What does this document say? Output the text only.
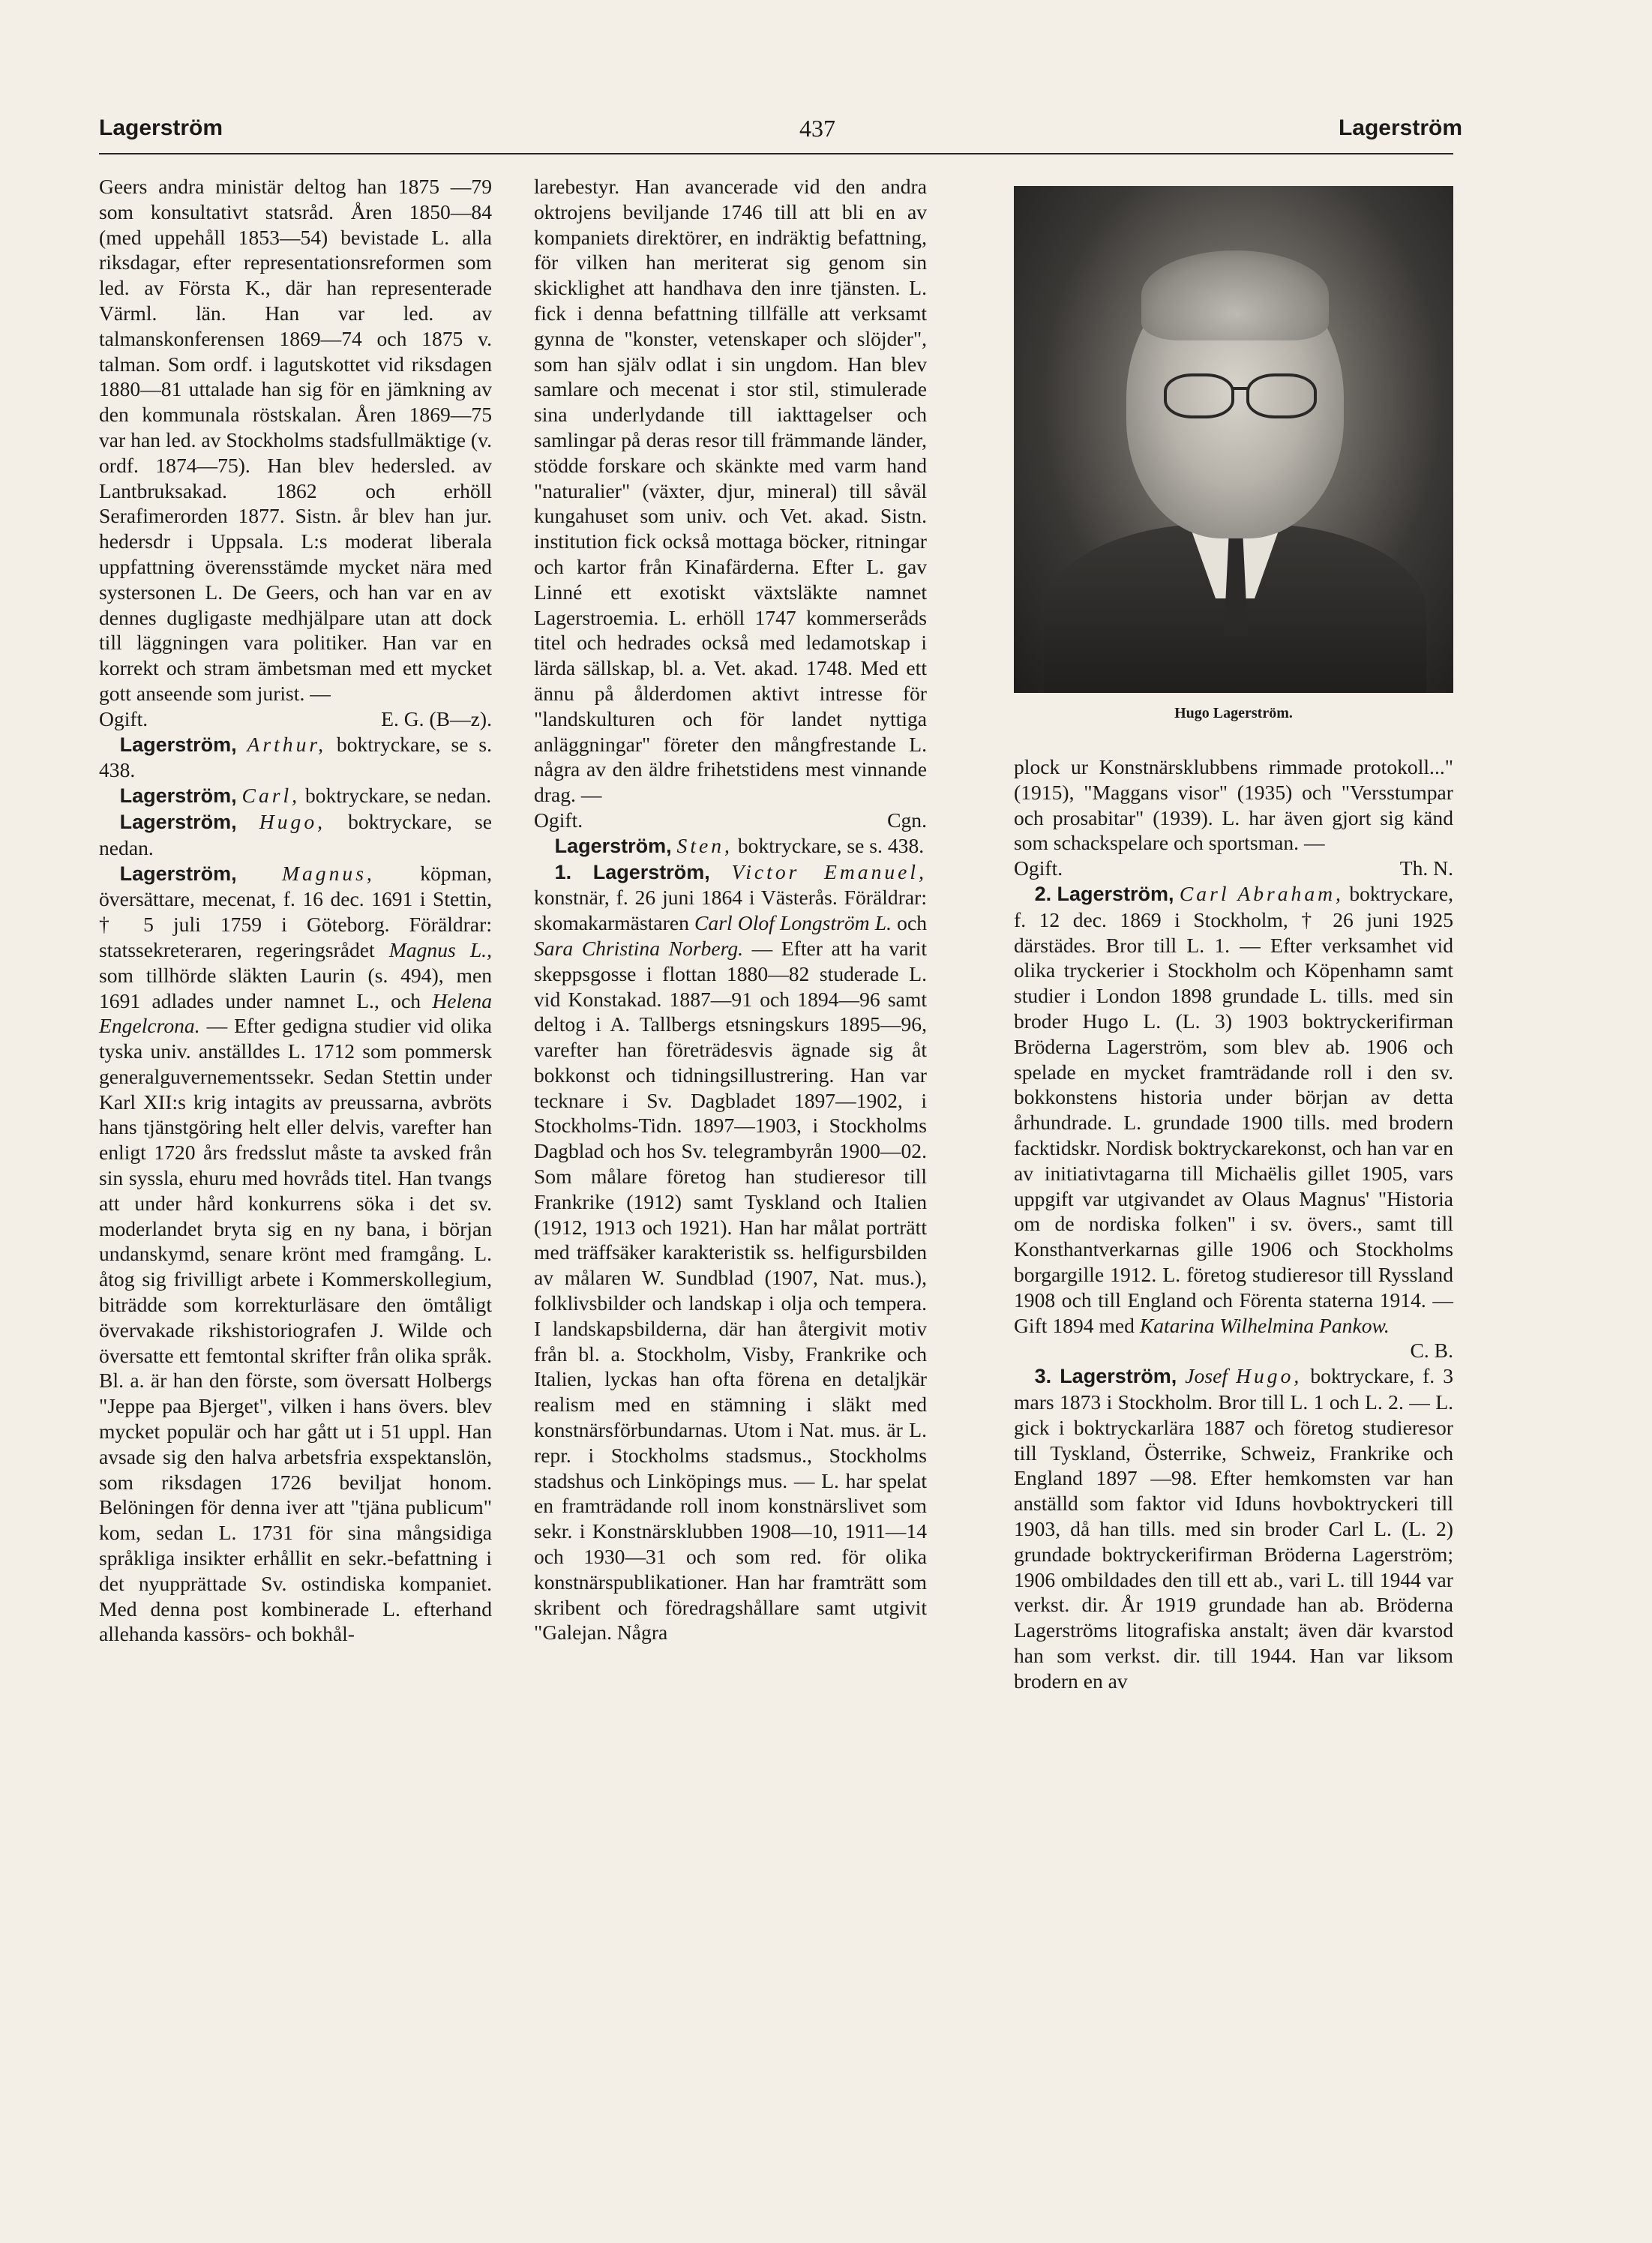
Lagerström	437	Lagerström

Geers andra ministär deltog han 1875 —79 som konsultativt statsråd. Åren 1850—84 (med uppehåll 1853—54) bevistade L. alla riksdagar, efter representationsreformen som led. av Första K., där han representerade Värml. län. Han var led. av talmanskonferensen 1869—74 och 1875 v. talman. Som ordf. i lagutskottet vid riksdagen 1880—81 uttalade han sig för en jämkning av den kommunala röstskalan. Åren 1869—75 var han led. av Stockholms stadsfullmäktige (v. ordf. 1874—75). Han blev hedersled. av Lantbruksakad. 1862 och erhöll Serafimerorden 1877. Sistn. år blev han jur. hedersdr i Uppsala. L:s moderat liberala uppfattning överensstämde mycket nära med systersonen L. De Geers, och han var en av dennes dugligaste medhjälpare utan att dock till läggningen vara politiker. Han var en korrekt och stram ämbetsman med ett mycket gott anseende som jurist. —

Ogift.	E. G. (B—z).

 Lagerström, Arthur, boktryckare, se s. 438.

 Lagerström, Carl, boktryckare, se nedan.

 Lagerström, Hugo, boktryckare, se nedan.

 Lagerström, Magnus, köpman, översättare, mecenat, f. 16 dec. 1691 i Stettin, † 5 juli 1759 i Göteborg. Föräldrar: statssekreteraren, regeringsrådet Magnus L., som tillhörde släkten Laurin (s. 494), men 1691 adlades under namnet L., och Helena Engelcrona. — Efter gedigna studier vid olika tyska univ. anställdes L. 1712 som pommersk generalguvernementssekr. Sedan Stettin under Karl XII:s krig intagits av preussarna, avbröts hans tjänstgöring helt eller delvis, varefter han enligt 1720 års fredsslut måste ta avsked från sin syssla, ehuru med hovråds titel. Han tvangs att under hård konkurrens söka i det sv. moderlandet bryta sig en ny bana, i början undanskymd, senare krönt med framgång. L. åtog sig frivilligt arbete i Kommerskollegium, biträdde som korrekturläsare den ömtåligt övervakade rikshistoriografen J. Wilde och översatte ett femtontal skrifter från olika språk. Bl. a. är han den förste, som översatt Holbergs "Jeppe paa Bjerget", vilken i hans övers. blev mycket populär och har gått ut i 51 uppl. Han avsade sig den halva arbetsfria exspektanslön, som riksdagen 1726 beviljat honom. Belöningen för denna iver att "tjäna publicum" kom, sedan L. 1731 för sina mångsidiga språkliga insikter erhållit en sekr.-befattning i det nyupprättade Sv. ostindiska kompaniet. Med denna post kombinerade L. efterhand allehanda kassörs- och bokhål-

larebestyr. Han avancerade vid den andra oktrojens beviljande 1746 till att bli en av kompaniets direktörer, en indräktig befattning, för vilken han meriterat sig genom sin skicklighet att handhava den inre tjänsten. L. fick i denna befattning tillfälle att verksamt gynna de "konster, vetenskaper och slöjder", som han själv odlat i sin ungdom. Han blev samlare och mecenat i stor stil, stimulerade sina underlydande till iakttagelser och samlingar på deras resor till främmande länder, stödde forskare och skänkte med varm hand "naturalier" (växter, djur, mineral) till såväl kungahuset som univ. och Vet. akad. Sistn. institution fick också mottaga böcker, ritningar och kartor från Kinafärderna. Efter L. gav Linné ett exotiskt växtsläkte namnet Lagerstroemia. L. erhöll 1747 kommerseråds titel och hedrades också med ledamotskap i lärda sällskap, bl. a. Vet. akad. 1748. Med ett ännu på ålderdomen aktivt intresse för "landskulturen och för landet nyttiga anläggningar" företer den mångfrestande L. några av den äldre frihetstidens mest vinnande drag. —

Ogift.	Cgn.

 Lagerström, Sten, boktryckare, se s. 438.

 1. Lagerström, Victor Emanuel, konstnär, f. 26 juni 1864 i Västerås. Föräldrar: skomakarmästaren Carl Olof Longström L. och Sara Christina Norberg. — Efter att ha varit skeppsgosse i flottan 1880—82 studerade L. vid Konstakad. 1887—91 och 1894—96 samt deltog i A. Tallbergs etsningskurs 1895—96, varefter han företrädesvis ägnade sig åt bokkonst och tidningsillustrering. Han var tecknare i Sv. Dagbladet 1897—1902, i Stockholms-Tidn. 1897—1903, i Stockholms Dagblad och hos Sv. telegrambyrån 1900—02. Som målare företog han studieresor till Frankrike (1912) samt Tyskland och Italien (1912, 1913 och 1921). Han har målat porträtt med träffsäker karakteristik ss. helfigursbilden av målaren W. Sundblad (1907, Nat. mus.), folklivsbilder och landskap i olja och tempera. I landskapsbilderna, där han återgivit motiv från bl. a. Stockholm, Visby, Frankrike och Italien, lyckas han ofta förena en detaljkär realism med en stämning i släkt med konstnärsförbundarnas. Utom i Nat. mus. är L. repr. i Stockholms stadsmus., Stockholms stadshus och Linköpings mus. — L. har spelat en framträdande roll inom konstnärslivet som sekr. i Konstnärsklubben 1908—10, 1911—14 och 1930—31 och som red. för olika konstnärspublikationer. Han har framträtt som skribent och föredragshållare samt utgivit "Galejan. Några

Hugo Lagerström.

plock ur Konstnärsklubbens rimmade protokoll..." (1915), "Maggans visor" (1935) och "Versstumpar och prosabitar" (1939). L. har även gjort sig känd som schackspelare och sportsman. —

Ogift.	Th. N.

 2. Lagerström, Carl Abraham, boktryckare, f. 12 dec. 1869 i Stockholm, † 26 juni 1925 därstädes. Bror till L. 1. — Efter verksamhet vid olika tryckerier i Stockholm och Köpenhamn samt studier i London 1898 grundade L. tills. med sin broder Hugo L. (L. 3) 1903 boktryckerifirman Bröderna Lagerström, som blev ab. 1906 och spelade en mycket framträdande roll i den sv. bokkonstens historia under början av detta århundrade. L. grundade 1900 tills. med brodern facktidskr. Nordisk boktryckarekonst, och han var en av initiativtagarna till Michaëlis gillet 1905, vars uppgift var utgivandet av Olaus Magnus' "Historia om de nordiska folken" i sv. övers., samt till Konsthantverkarnas gille 1906 och Stockholms borgargille 1912. L. företog studieresor till Ryssland 1908 och till England och Förenta staterna 1914. — Gift 1894 med Katarina Wilhelmina Pankow.

C. B.

 3. Lagerström, Josef Hugo, boktryckare, f. 3 mars 1873 i Stockholm. Bror till L. 1 och L. 2. — L. gick i boktryckarlära 1887 och företog studieresor till Tyskland, Österrike, Schweiz, Frankrike och England 1897 —98. Efter hemkomsten var han anställd som faktor vid Iduns hovboktryckeri till 1903, då han tills. med sin broder Carl L. (L. 2) grundade boktryckerifirman Bröderna Lagerström; 1906 ombildades den till ett ab., vari L. till 1944 var verkst. dir. År 1919 grundade han ab. Bröderna Lagerströms litografiska anstalt; även där kvarstod han som verkst. dir. till 1944. Han var liksom brodern en av
